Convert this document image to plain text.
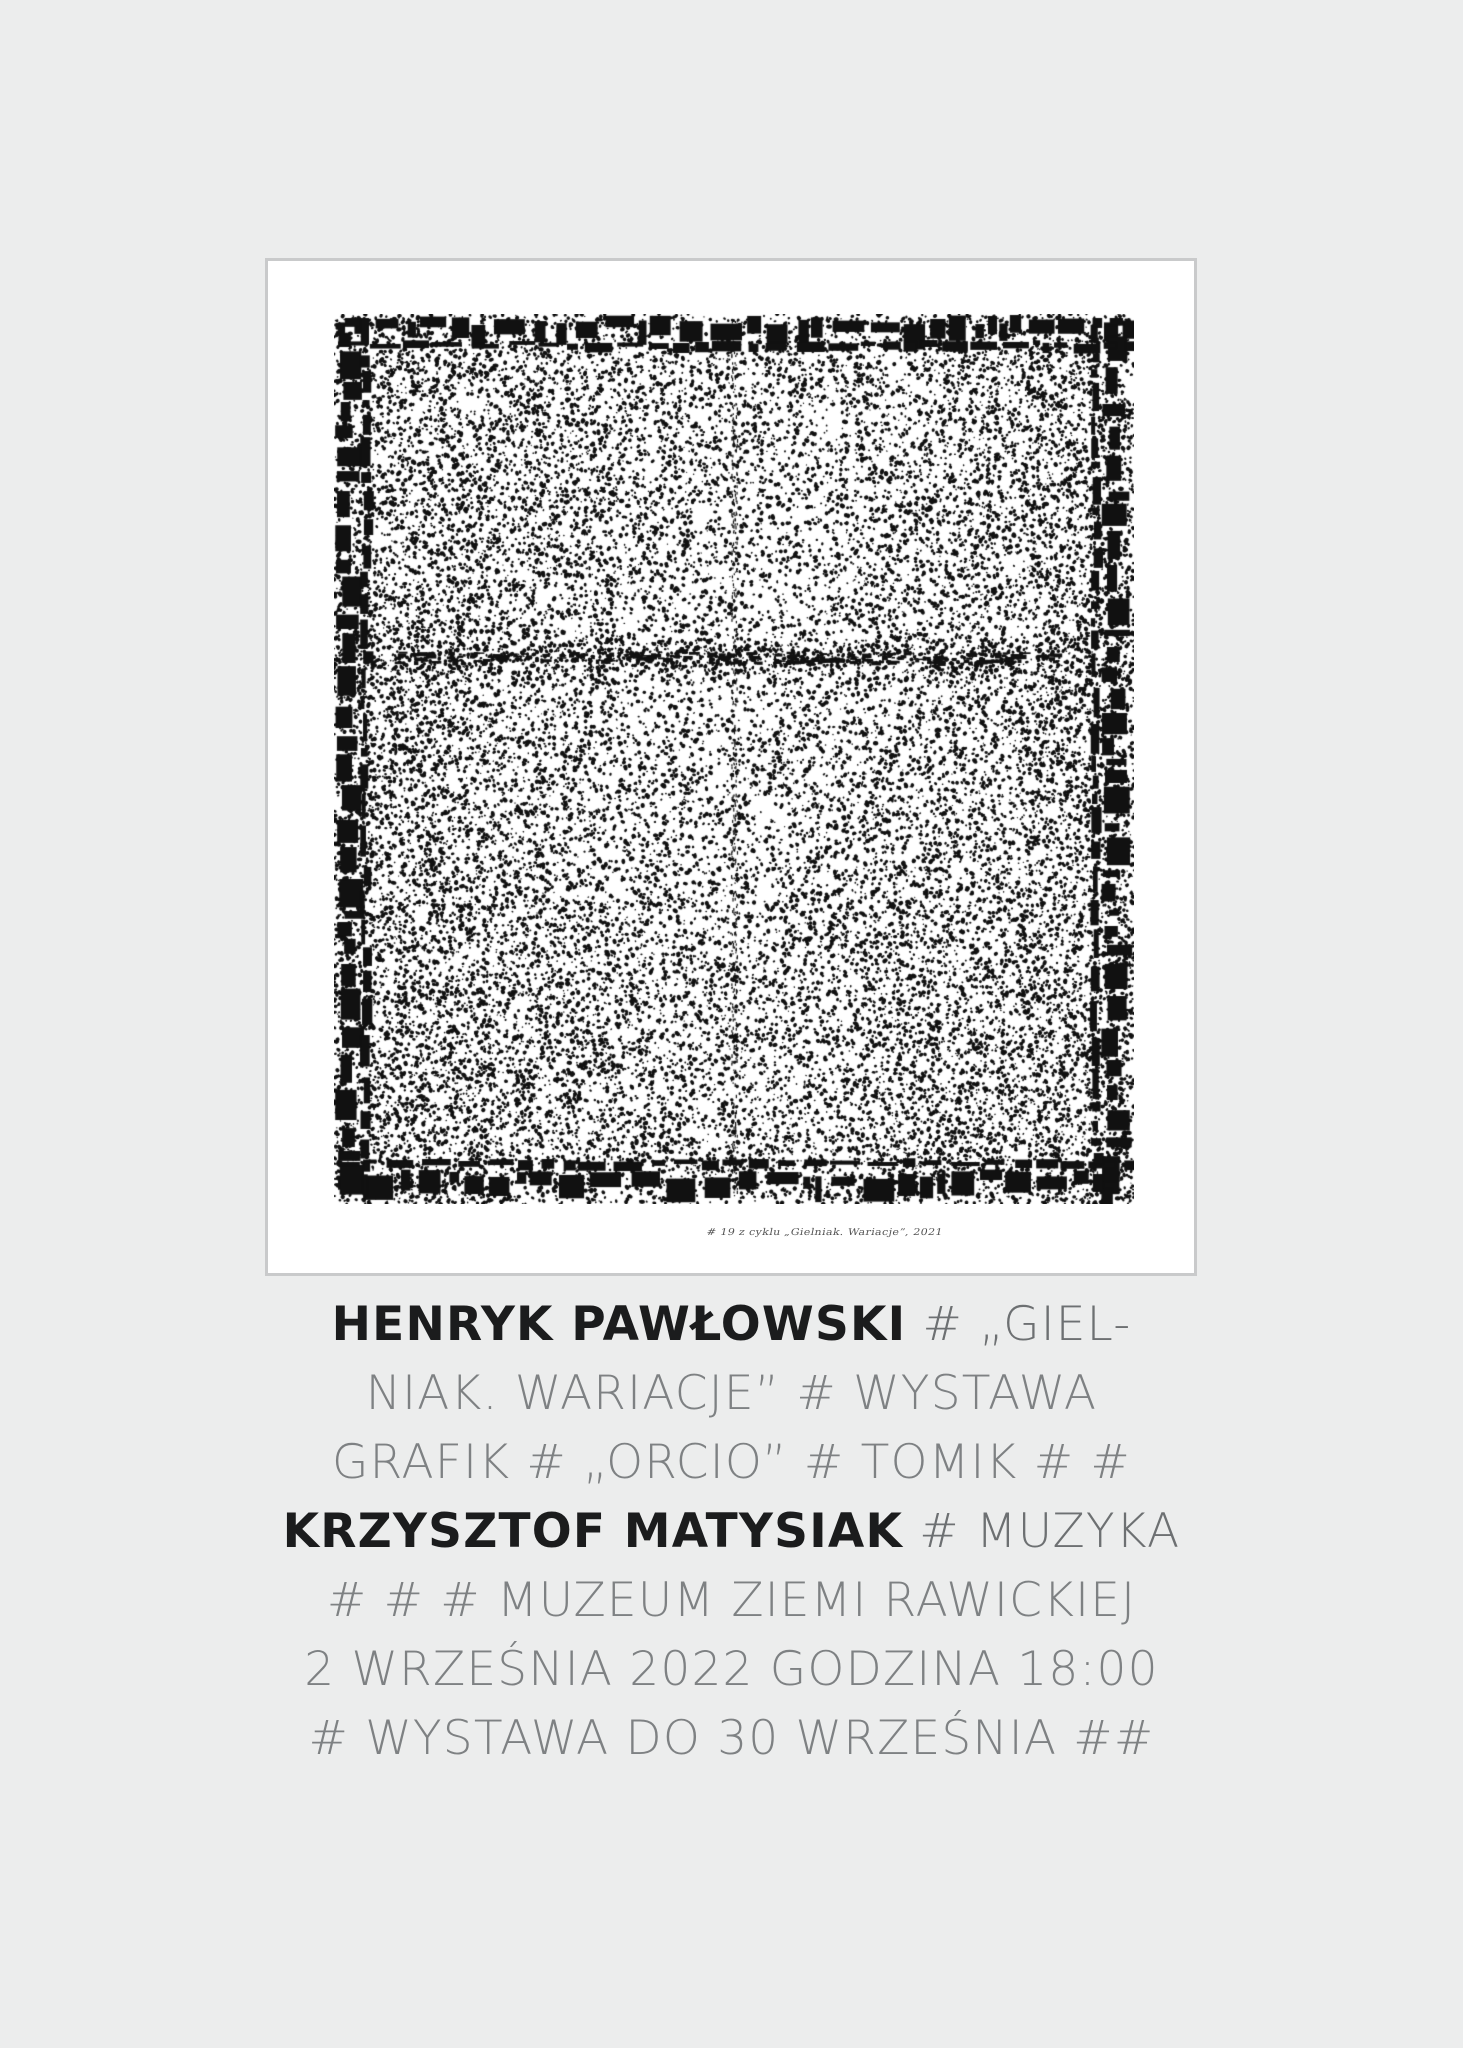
# 19 z cyklu „Gielniak. Wariacje”, 2021
HENRYK PAWŁOWSKI # „GIEL-
NIAK. WARIACJE” # WYSTAWA
GRAFIK # „ORCIO” # TOMIK # #
KRZYSZTOF MATYSIAK # MUZYKA
# # # MUZEUM ZIEMI RAWICKIEJ
2 WRZEŚNIA 2022 GODZINA 18:00
# WYSTAWA DO 30 WRZEŚNIA ##
